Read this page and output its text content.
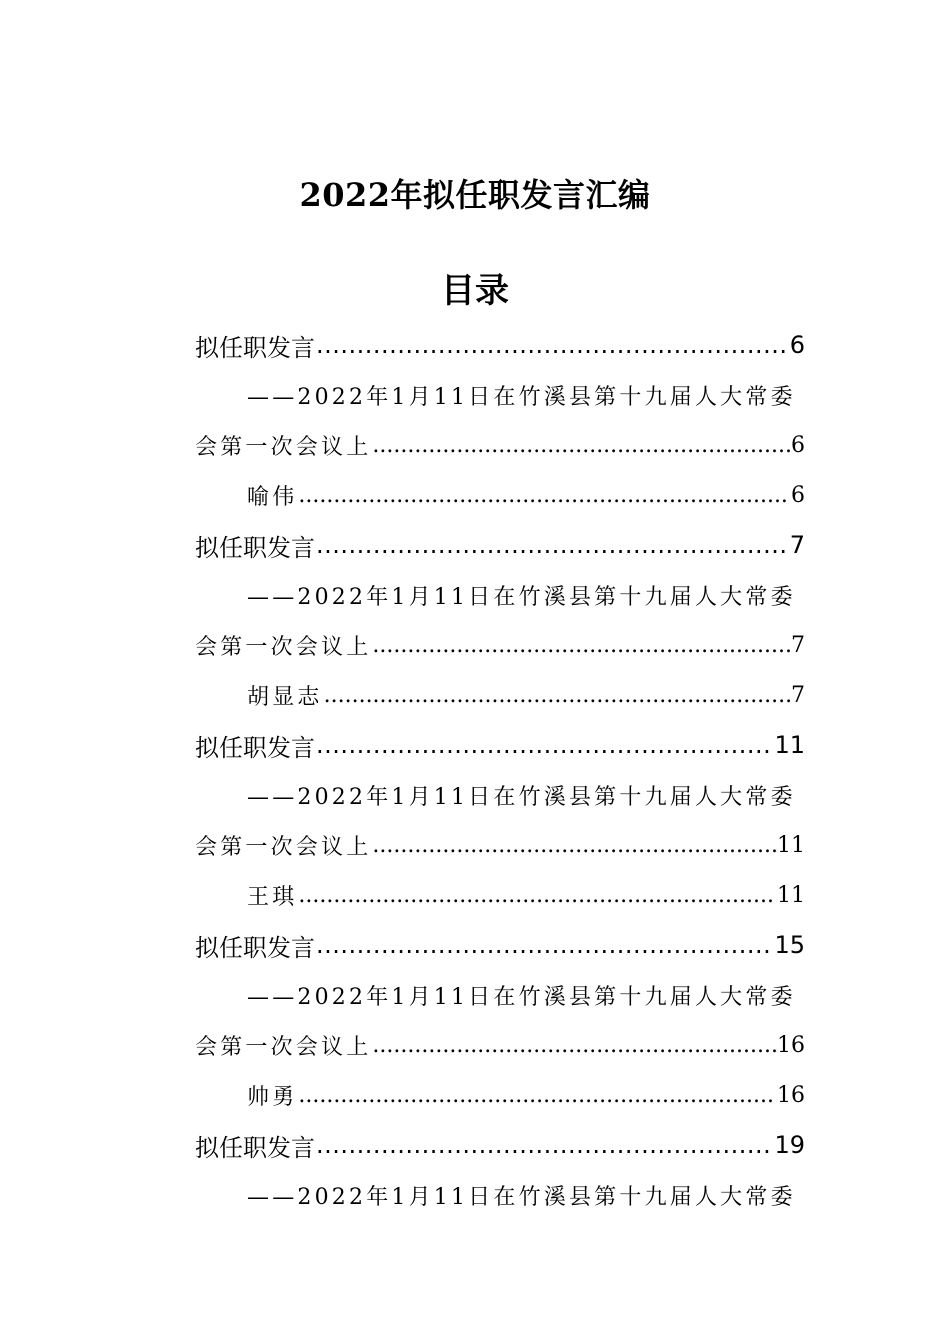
2022年拟任职发言汇编
目录
拟任职发言 .....	6
——2022年1月11日在竹溪县第十九届人大常委
会第一次会议上 .....	6
喻伟 .....	6
拟任职发言 .....	7
——2022年1月11日在竹溪县第十九届人大常委
会第一次会议上 .....	7
胡显志 .....	7
拟任职发言 .....	11
——2022年1月11日在竹溪县第十九届人大常委
会第一次会议上 .....	11
王琪 .....	11
拟任职发言 .....	15
——2022年1月11日在竹溪县第十九届人大常委
会第一次会议上 .....	16
帅勇 .....	16
拟任职发言 .....	19
——2022年1月11日在竹溪县第十九届人大常委
